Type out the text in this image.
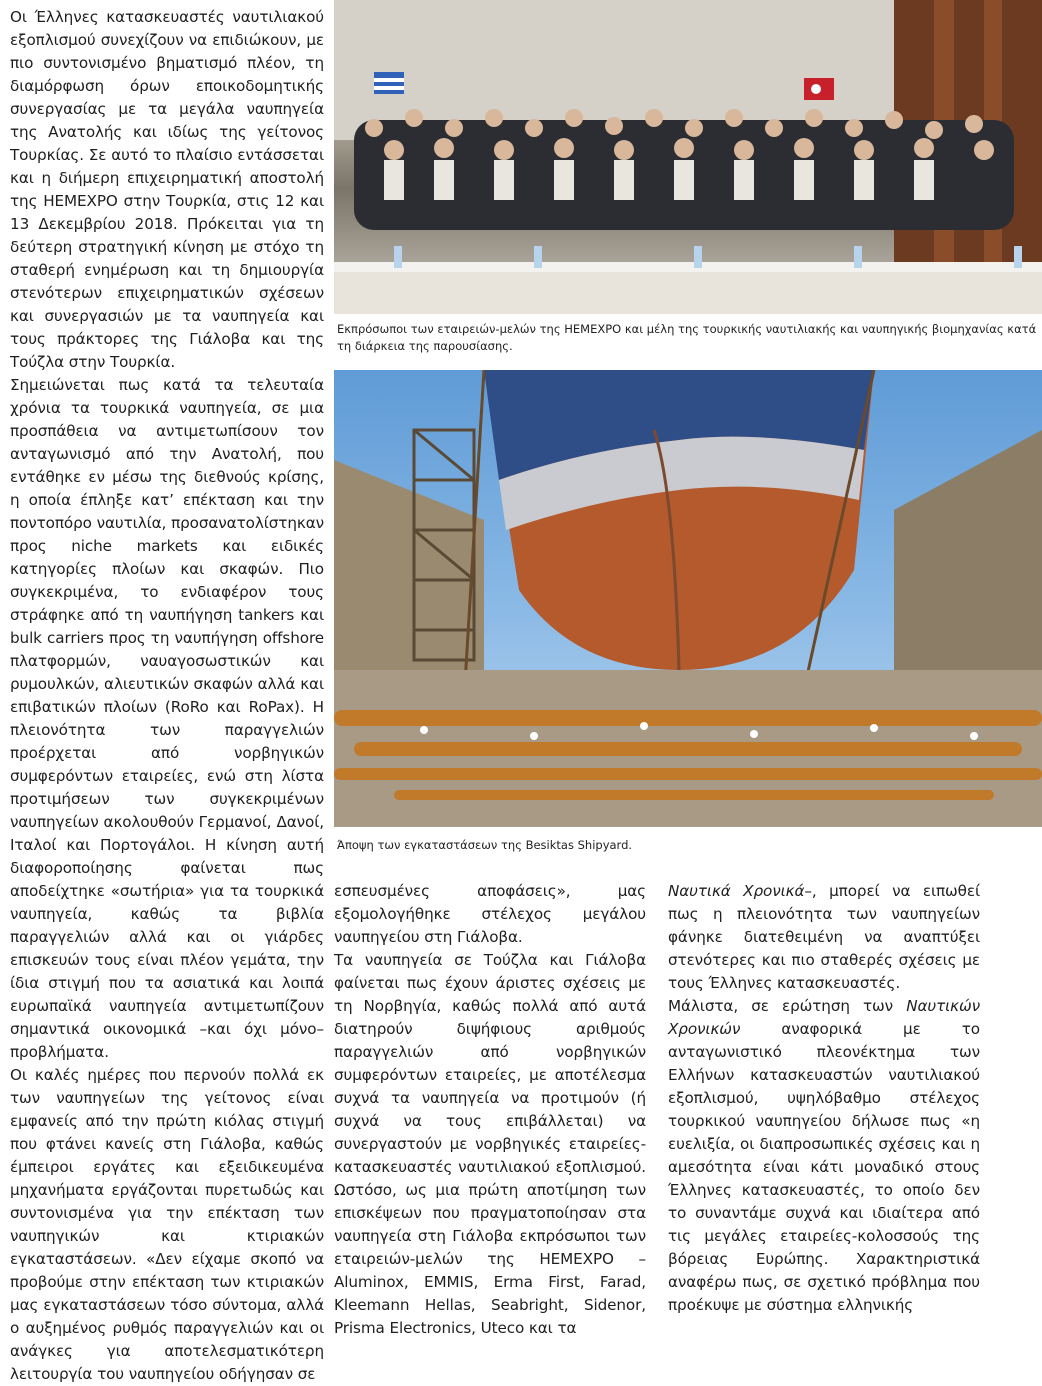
Οι Έλληνες κατασκευαστές ναυτιλιακού εξοπλισμού συνεχίζουν να επιδιώκουν, με πιο συντονισμένο βηματισμό πλέον, τη διαμόρφωση όρων εποικοδομητικής συνεργασίας με τα μεγάλα ναυπηγεία της Ανατολής και ιδίως της γείτονος Τουρκίας. Σε αυτό το πλαίσιο εντάσσεται και η διήμερη επιχειρηματική αποστολή της HEMEXPO στην Τουρκία, στις 12 και 13 Δεκεμβρίου 2018. Πρόκειται για τη δεύτερη στρατηγική κίνηση με στόχο τη σταθερή ενημέρωση και τη δημιουργία στενότερων επιχειρηματικών σχέσεων και συνεργασιών με τα ναυπηγεία και τους πράκτορες της Γιάλοβα και της Τούζλα στην Τουρκία.

Σημειώνεται πως κατά τα τελευταία χρόνια τα τουρκικά ναυπηγεία, σε μια προσπάθεια να αντιμετωπίσουν τον ανταγωνισμό από την Ανατολή, που εντάθηκε εν μέσω της διεθνούς κρίσης, η οποία έπληξε κατ’ επέκταση και την ποντοπόρο ναυτιλία, προσανατολίστηκαν προς niche markets και ειδικές κατηγορίες πλοίων και σκαφών. Πιο συγκεκριμένα, το ενδιαφέρον τους στράφηκε από τη ναυπήγηση tankers και bulk carriers προς τη ναυπήγηση offshore πλατφορμών, ναυαγοσωστικών και ρυμουλκών, αλιευτικών σκαφών αλλά και επιβατικών πλοίων (RoRo και RoPax). Η πλειονότητα των παραγγελιών προέρχεται από νορβηγικών συμφερόντων εταιρείες, ενώ στη λίστα προτιμήσεων των συγκεκριμένων ναυπηγείων ακολουθούν Γερμανοί, Δανοί, Ιταλοί και Πορτογάλοι. Η κίνηση αυτή διαφοροποίησης φαίνεται πως αποδείχτηκε «σωτήρια» για τα τουρκικά ναυπηγεία, καθώς τα βιβλία παραγγελιών αλλά και οι γιάρδες επισκευών τους είναι πλέον γεμάτα, την ίδια στιγμή που τα ασιατικά και λοιπά ευρωπαϊκά ναυπηγεία αντιμετωπίζουν σημαντικά οικονομικά –και όχι μόνο– προβλήματα.

Οι καλές ημέρες που περνούν πολλά εκ των ναυπηγείων της γείτονος είναι εμφανείς από την πρώτη κιόλας στιγμή που φτάνει κανείς στη Γιάλοβα, καθώς έμπειροι εργάτες και εξειδικευμένα μηχανήματα εργάζονται πυρετωδώς και συντονισμένα για την επέκταση των ναυπηγικών και κτιριακών εγκαταστάσεων. «Δεν είχαμε σκοπό να προβούμε στην επέκταση των κτιριακών μας εγκαταστάσεων τόσο σύντομα, αλλά ο αυξημένος ρυθμός παραγγελιών και οι ανάγκες για αποτελεσματικότερη λειτουργία του ναυπηγείου οδήγησαν σε

Εκπρόσωποι των εταιρειών-μελών της HEMEXPO και μέλη της τουρκικής ναυτιλιακής και ναυπηγικής βιομηχανίας κατά τη διάρκεια της παρουσίασης.
Άποψη των εγκαταστάσεων της Besiktas Shipyard.

εσπευσμένες αποφάσεις», μας εξομολογήθηκε στέλεχος μεγάλου ναυπηγείου στη Γιάλοβα.

Τα ναυπηγεία σε Τούζλα και Γιάλοβα φαίνεται πως έχουν άριστες σχέσεις με τη Νορβηγία, καθώς πολλά από αυτά διατηρούν διψήφιους αριθμούς παραγγελιών από νορβηγικών συμφερόντων εταιρείες, με αποτέλεσμα συχνά τα ναυπηγεία να προτιμούν (ή συχνά να τους επιβάλλεται) να συνεργαστούν με νορβηγικές εταιρείες-κατασκευαστές ναυτιλιακού εξοπλισμού. Ωστόσο, ως μια πρώτη αποτίμηση των επισκέψεων που πραγματοποίησαν στα ναυπηγεία στη Γιάλοβα εκπρόσωποι των εταιρειών-μελών της HEMEXPO –Aluminox, EMMIS, Erma First, Farad, Kleemann Hellas, Seabright, Sidenor, Prisma Electronics, Uteco και τα

Ναυτικά Χρονικά–, μπορεί να ειπωθεί πως η πλειονότητα των ναυπηγείων φάνηκε διατεθειμένη να αναπτύξει στενότερες και πιο σταθερές σχέσεις με τους Έλληνες κατασκευαστές.

Μάλιστα, σε ερώτηση των Ναυτικών Χρονικών αναφορικά με το ανταγωνιστικό πλεονέκτημα των Ελλήνων κατασκευαστών ναυτιλιακού εξοπλισμού, υψηλόβαθμο στέλεχος τουρκικού ναυπηγείου δήλωσε πως «η ευελιξία, οι διαπροσωπικές σχέσεις και η αμεσότητα είναι κάτι μοναδικό στους Έλληνες κατασκευαστές, το οποίο δεν το συναντάμε συχνά και ιδιαίτερα από τις μεγάλες εταιρείες-κολοσσούς της βόρειας Ευρώπης. Χαρακτηριστικά αναφέρω πως, σε σχετικό πρόβλημα που προέκυψε με σύστημα ελληνικής
